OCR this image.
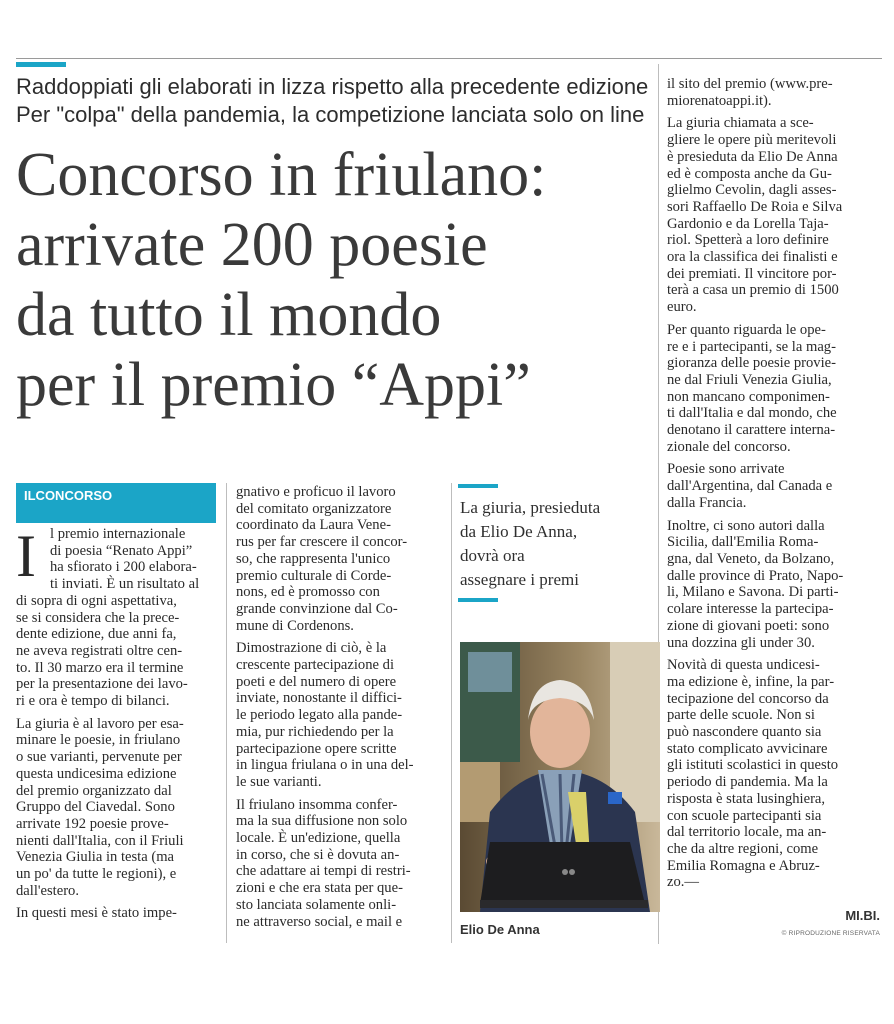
Raddoppiati gli elaborati in lizza rispetto alla precedente edizione
Per "colpa" della pandemia, la competizione lanciata solo on line
Concorso in friulano:
arrivate 200 poesie
da tutto il mondo
per il premio “Appi”
ILCONCORSO
l premio internazionale
di poesia “Renato Appi”
ha sfiorato i 200 elabora-
ti inviati. È un risultato al
di sopra di ogni aspettativa,
se si considera che la prece-
dente edizione, due anni fa,
ne aveva registrati oltre cen-
to. Il 30 marzo era il termine
per la presentazione dei lavo-
ri e ora è tempo di bilanci.
La giuria è al lavoro per esa-
minare le poesie, in friulano
o sue varianti, pervenute per
questa undicesima edizione
del premio organizzato dal
Gruppo del Ciavedal. Sono
arrivate 192 poesie prove-
nienti dall'Italia, con il Friuli
Venezia Giulia in testa (ma
un po' da tutte le regioni), e
dall'estero.
In questi mesi è stato impe-
I
gnativo e proficuo il lavoro
del comitato organizzatore
coordinato da Laura Vene-
rus per far crescere il concor-
so, che rappresenta l'unico
premio culturale di Corde-
nons, ed è promosso con
grande convinzione dal Co-
mune di Cordenons.
Dimostrazione di ciò, è la
crescente partecipazione di
poeti e del numero di opere
inviate, nonostante il diffici-
le periodo legato alla pande-
mia, pur richiedendo per la
partecipazione opere scritte
in lingua friulana o in una del-
le sue varianti.
Il friulano insomma confer-
ma la sua diffusione non solo
locale. È un'edizione, quella
in corso, che si è dovuta an-
che adattare ai tempi di restri-
zioni e che era stata per que-
sto lanciata solamente onli-
ne attraverso social, e mail e
il sito del premio (www.pre-
miorenatoappi.it).
La giuria chiamata a sce-
gliere le opere più meritevoli
è presieduta da Elio De Anna
ed è composta anche da Gu-
glielmo Cevolin, dagli asses-
sori Raffaello De Roia e Silva
Gardonio e da Lorella Taja-
riol. Spetterà a loro definire
ora la classifica dei finalisti e
dei premiati. Il vincitore por-
terà a casa un premio di 1500
euro.
Per quanto riguarda le ope-
re e i partecipanti, se la mag-
gioranza delle poesie provie-
ne dal Friuli Venezia Giulia,
non mancano componimen-
ti dall'Italia e dal mondo, che
denotano il carattere interna-
zionale del concorso.
Poesie sono arrivate
dall'Argentina, dal Canada e
dalla Francia.
Inoltre, ci sono autori dalla
Sicilia, dall'Emilia Roma-
gna, dal Veneto, da Bolzano,
dalle province di Prato, Napo-
li, Milano e Savona. Di parti-
colare interesse la partecipa-
zione di giovani poeti: sono
una dozzina gli under 30.
Novità di questa undicesi-
ma edizione è, infine, la par-
tecipazione del concorso da
parte delle scuole. Non si
può nascondere quanto sia
stato complicato avvicinare
gli istituti scolastici in questo
periodo di pandemia. Ma la
risposta è stata lusinghiera,
con scuole partecipanti sia
dal territorio locale, ma an-
che da altre regioni, come
Emilia Romagna e Abruz-
zo.—
La giuria, presieduta
da Elio De Anna,
dovrà ora
assegnare i premi
Elio De Anna
MI.BI.
© RIPRODUZIONE RISERVATA
